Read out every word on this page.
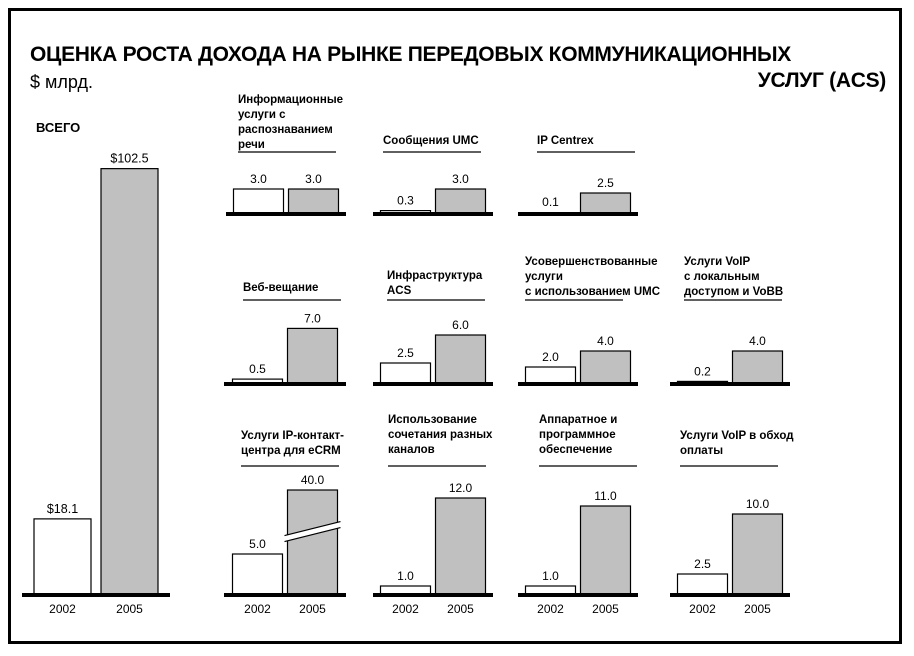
ОЦЕНКА РОСТА ДОХОДА НА РЫНКЕ ПЕРЕДОВЫХ КОММУНИКАЦИОННЫХ
УСЛУГ (ACS)
$ млрд.
ВСЕГО
$18.1
$102.5
2002	2005
Информационные
услуги с
распознаванием
речи
3.0	3.0
Сообщения UMC
0.3
3.0
IP Centrex
0.1
2.5
Веб-вещание
0.5
7.0
Инфраструктура
ACS
2.5
6.0
Усовершенствованные
услуги
с использованием UMC
2.0
4.0
Услуги VoIP
с локальным
доступом и VoBB
0.2
4.0
Услуги IP-контакт-
центра для eCRM
5.0
40.0
2002 2005
Использование
сочетания разных
каналов
1.0
12.0
2002 2005
Аппаратное и
программное
обеспечение
1.0
11.0
2002 2005
Услуги VoIP в обход
оплаты
2.5
10.0
2002 2005
